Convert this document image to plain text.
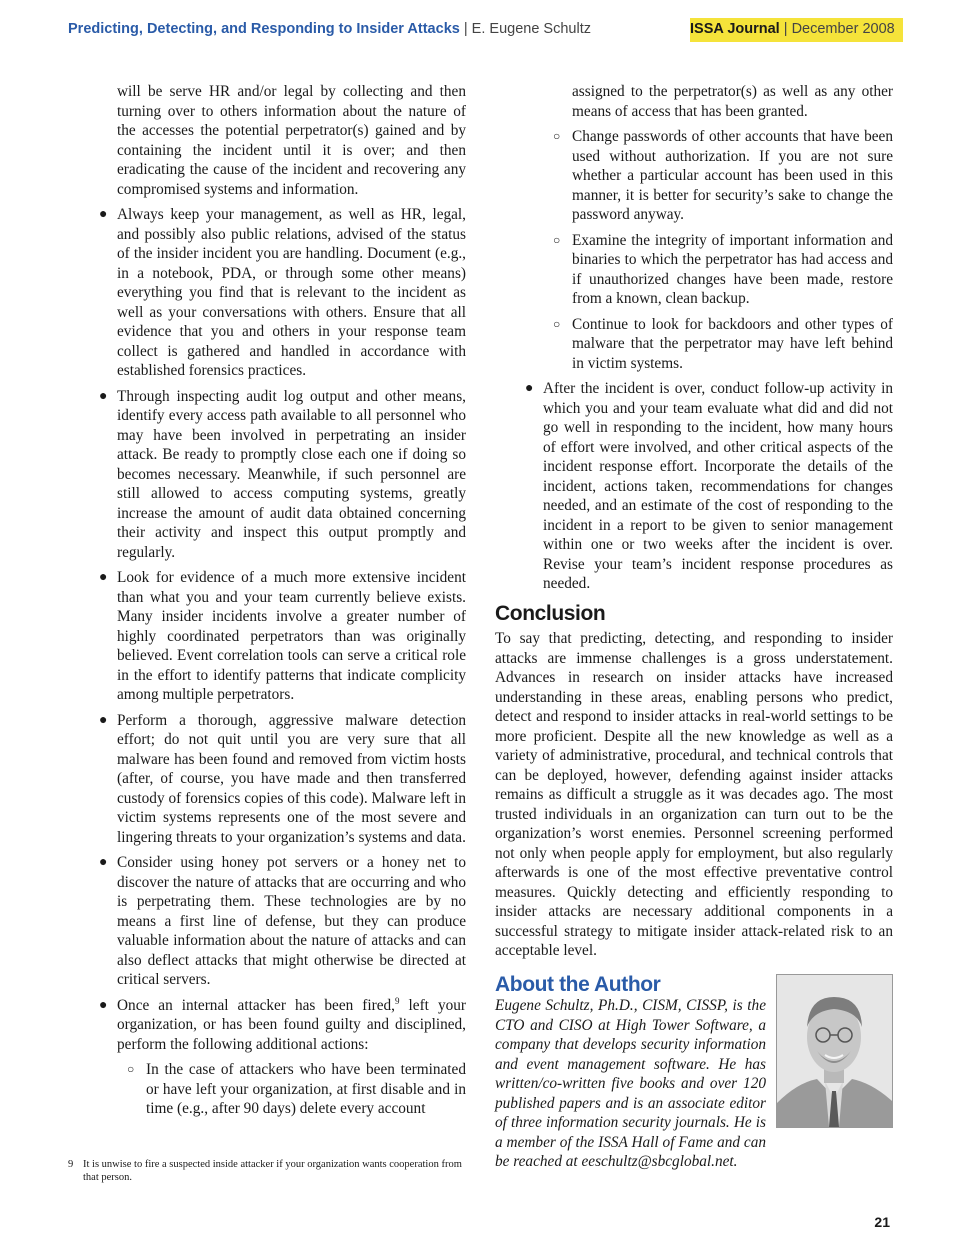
Predicting, Detecting, and Responding to Insider Attacks | E. Eugene Schultz	ISSA Journal | December 2008

will be serve HR and/or legal by collecting and then turning over to others information about the nature of the accesses the potential perpetrator(s) gained and by containing the incident until it is over; and then eradicating the cause of the incident and recovering any compromised systems and information.

● Always keep your management, as well as HR, legal, and possibly also public relations, advised of the status of the insider incident you are handling. Document (e.g., in a notebook, PDA, or through some other means) everything you find that is relevant to the incident as well as your conversations with others. Ensure that all evidence that you and others in your response team collect is gathered and handled in accordance with established forensics practices.
● Through inspecting audit log output and other means, identify every access path available to all personnel who may have been involved in perpetrating an insider attack. Be ready to promptly close each one if doing so becomes necessary. Meanwhile, if such personnel are still allowed to access computing systems, greatly increase the amount of audit data obtained concerning their activity and inspect this output promptly and regularly.
● Look for evidence of a much more extensive incident than what you and your team currently believe exists. Many insider incidents involve a greater number of highly coordinated perpetrators than was originally believed. Event correlation tools can serve a critical role in the effort to identify patterns that indicate complicity among multiple perpetrators.
● Perform a thorough, aggressive malware detection effort; do not quit until you are very sure that all malware has been found and removed from victim hosts (after, of course, you have made and then transferred custody of forensics copies of this code). Malware left in victim systems represents one of the most severe and lingering threats to your organization’s systems and data.
● Consider using honey pot servers or a honey net to discover the nature of attacks that are occurring and who is perpetrating them. These technologies are by no means a first line of defense, but they can produce valuable information about the nature of attacks and can also deflect attacks that might otherwise be directed at critical servers.
● Once an internal attacker has been fired,$^9$ left your organization, or has been found guilty and disciplined, perform the following additional actions:
○ In the case of attackers who have been terminated or have left your organization, at first disable and in time (e.g., after 90 days) delete every account

assigned to the perpetrator(s) as well as any other means of access that has been granted.

○ Change passwords of other accounts that have been used without authorization. If you are not sure whether a particular account has been used in this manner, it is better for security’s sake to change the password anyway.
○ Examine the integrity of important information and binaries to which the perpetrator has had access and if unauthorized changes have been made, restore from a known, clean backup.
○ Continue to look for backdoors and other types of malware that the perpetrator may have left behind in victim systems.
● After the incident is over, conduct follow-up activity in which you and your team evaluate what did and did not go well in responding to the incident, how many hours of effort were involved, and other critical aspects of the incident response effort. Incorporate the details of the incident, actions taken, recommendations for changes needed, and an estimate of the cost of responding to the incident in a report to be given to senior management within one or two weeks after the incident is over. Revise your team’s incident response procedures as needed.
Conclusion

To say that predicting, detecting, and responding to insider attacks are immense challenges is a gross understatement. Advances in research on insider attacks have increased understanding in these areas, enabling persons who predict, detect and respond to insider attacks in real-world settings to be more proficient. Despite all the new knowledge as well as a variety of administrative, procedural, and technical controls that can be deployed, however, defending against insider attacks remains as difficult a struggle as it was decades ago. The most trusted individuals in an organization can turn out to be the organization’s worst enemies. Personnel screening performed not only when people apply for employment, but also regularly afterwards is one of the most effective preventative control measures. Quickly detecting and efficiently responding to insider attacks are necessary additional components in a successful strategy to mitigate insider attack-related risk to an acceptable level.

About the Author

Eugene Schultz, Ph.D., CISM, CISSP, is the CTO and CISO at High Tower Software, a company that develops security information and event management software. He has written/co-written five books and over 120 published papers and is an associate editor of three information security journals. He is a member of the ISSA Hall of Fame and can be reached at eeschultz@sbcglobal.net.

9 It is unwise to fire a suspected inside attacker if your organization wants cooperation from that person.
21
